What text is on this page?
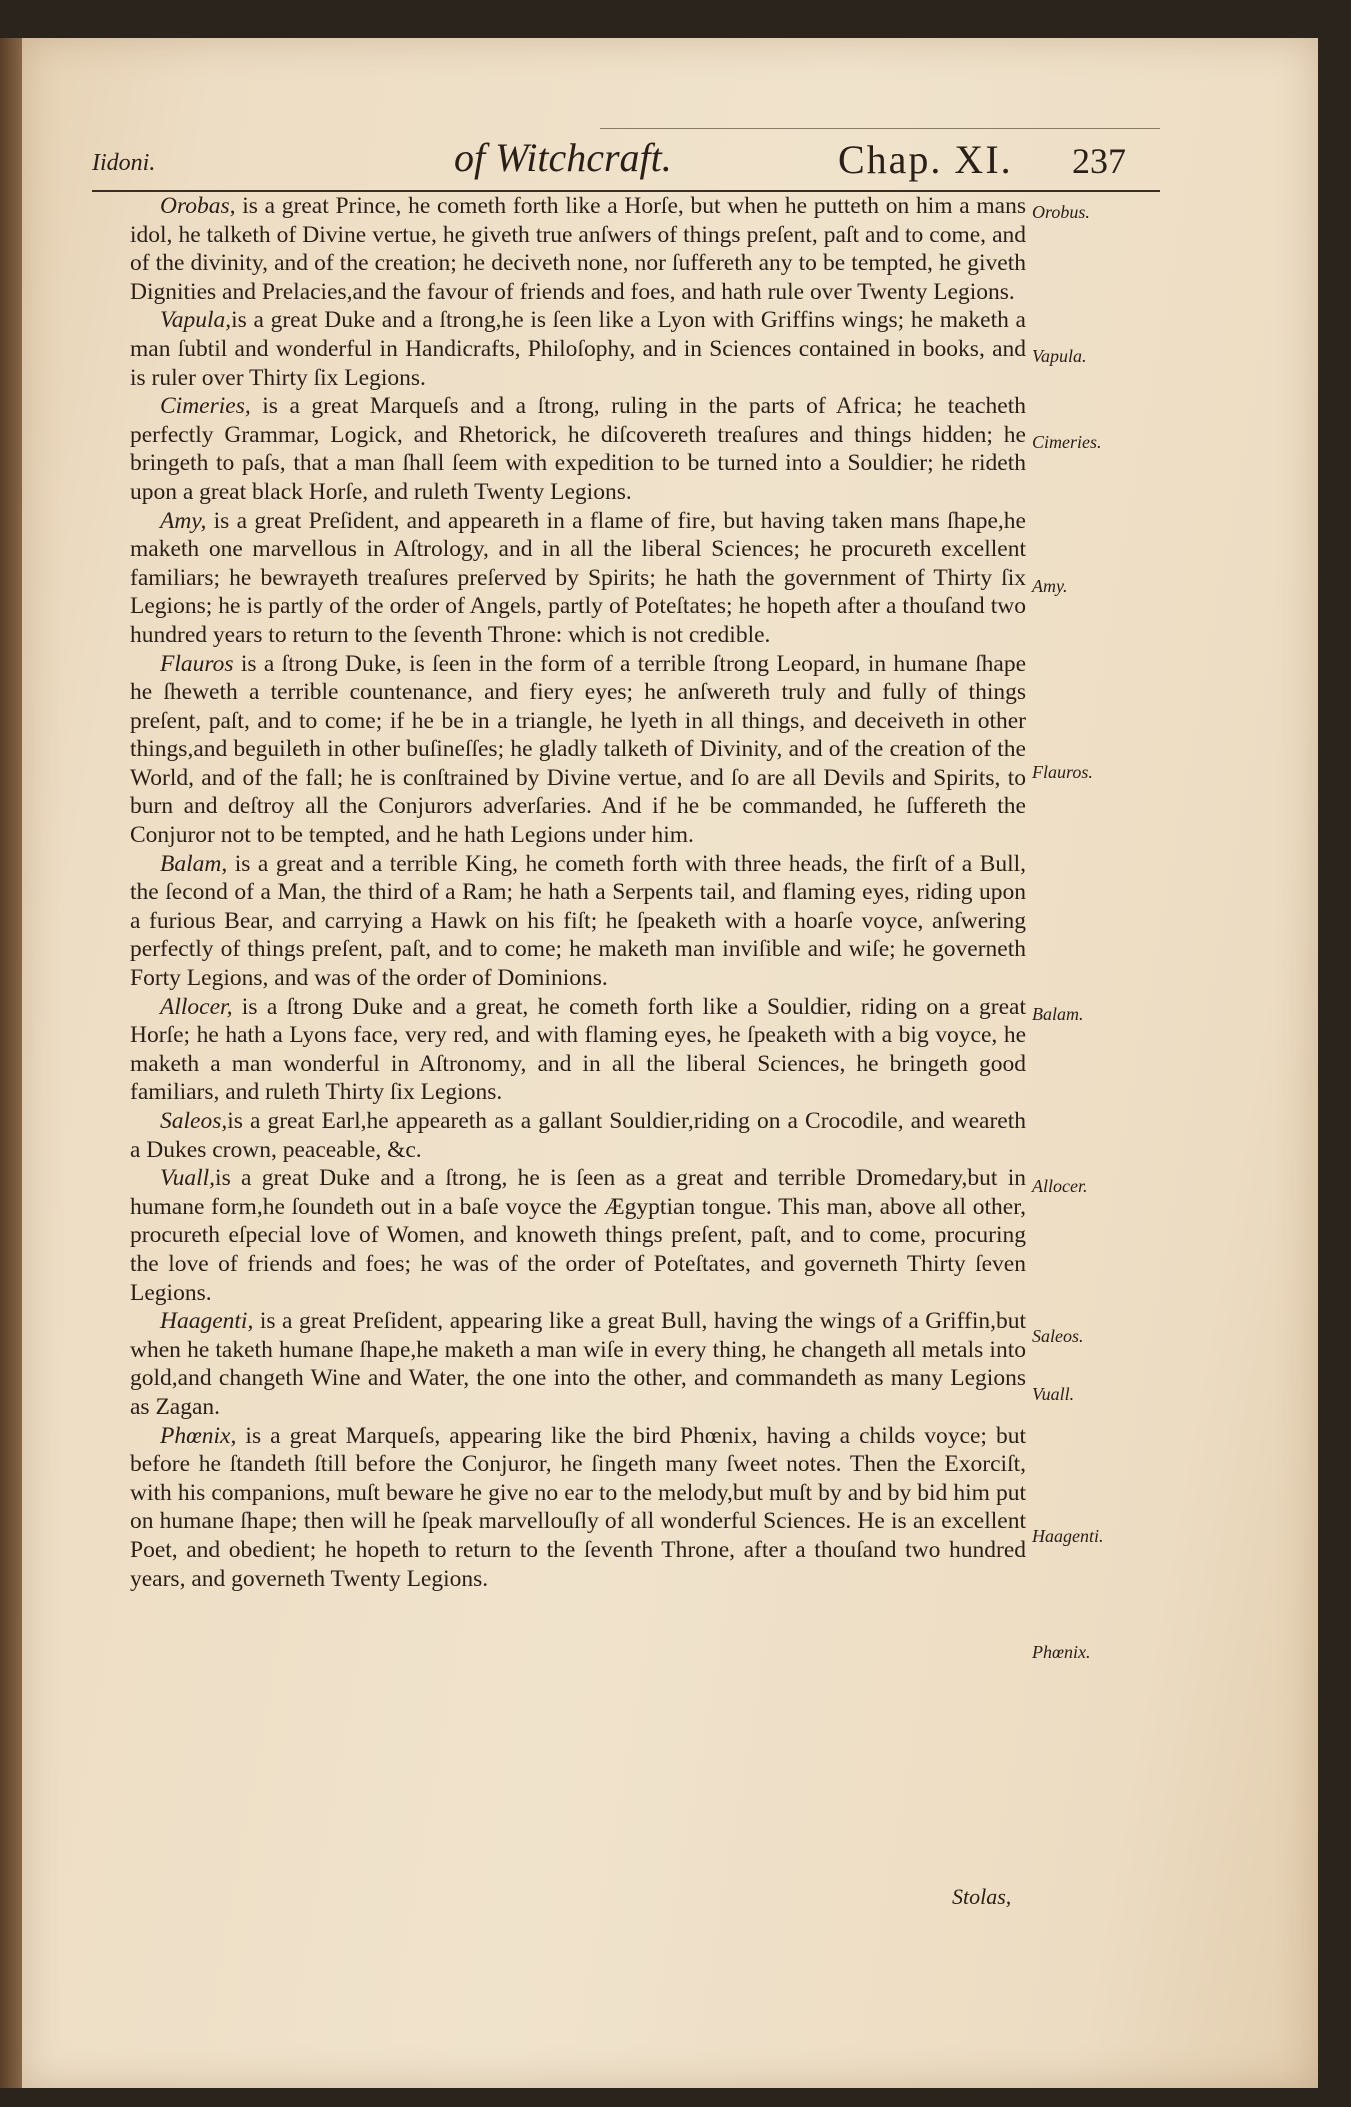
Iidoni.	of Witchcraft.	Chap. XI. 237

Orobas, is a great Prince, he cometh forth like a Horſe, but when he putteth on him a mans idol, he talketh of Divine vertue, he giveth true anſwers of things preſent, paſt and to come, and of the divinity, and of the creation; he deciveth none, nor ſuffereth any to be tempted, he giveth Dignities and Prelacies,and the favour of friends and foes, and hath rule over Twenty Legions.

Vapula,is a great Duke and a ſtrong,he is ſeen like a Lyon with Griffins wings; he maketh a man ſubtil and wonderful in Handicrafts, Philoſophy, and in Sciences contained in books, and is ruler over Thirty ſix Legions.

Cimeries, is a great Marqueſs and a ſtrong, ruling in the parts of Africa; he teacheth perfectly Grammar, Logick, and Rhetorick, he diſcovereth treaſures and things hidden; he bringeth to paſs, that a man ſhall ſeem with expedition to be turned into a Souldier; he rideth upon a great black Horſe, and ruleth Twenty Legions.

Amy, is a great Preſident, and appeareth in a flame of fire, but having taken mans ſhape,he maketh one marvellous in Aſtrology, and in all the liberal Sciences; he procureth excellent familiars; he bewrayeth treaſures preſerved by Spirits; he hath the government of Thirty ſix Legions; he is partly of the order of Angels, partly of Poteſtates; he hopeth after a thouſand two hundred years to return to the ſeventh Throne: which is not credible.

Flauros is a ſtrong Duke, is ſeen in the form of a terrible ſtrong Leopard, in humane ſhape he ſheweth a terrible countenance, and fiery eyes; he anſwereth truly and fully of things preſent, paſt, and to come; if he be in a triangle, he lyeth in all things, and deceiveth in other things,and beguileth in other buſineſſes; he gladly talketh of Divinity, and of the creation of the World, and of the fall; he is conſtrained by Divine vertue, and ſo are all Devils and Spirits, to burn and deſtroy all the Conjurors adverſaries. And if he be commanded, he ſuffereth the Conjuror not to be tempted, and he hath Legions under him.

Balam, is a great and a terrible King, he cometh forth with three heads, the firſt of a Bull, the ſecond of a Man, the third of a Ram; he hath a Serpents tail, and flaming eyes, riding upon a furious Bear, and carrying a Hawk on his fiſt; he ſpeaketh with a hoarſe voyce, anſwering perfectly of things preſent, paſt, and to come; he maketh man inviſible and wiſe; he governeth Forty Legions, and was of the order of Dominions.

Allocer, is a ſtrong Duke and a great, he cometh forth like a Souldier, riding on a great Horſe; he hath a Lyons face, very red, and with flaming eyes, he ſpeaketh with a big voyce, he maketh a man wonderful in Aſtronomy, and in all the liberal Sciences, he bringeth good familiars, and ruleth Thirty ſix Legions.

Saleos,is a great Earl,he appeareth as a gallant Souldier,riding on a Crocodile, and weareth a Dukes crown, peaceable, &c.

Vuall,is a great Duke and a ſtrong, he is ſeen as a great and terrible Dromedary,but in humane form,he ſoundeth out in a baſe voyce the Ægyptian tongue. This man, above all other, procureth eſpecial love of Women, and knoweth things preſent, paſt, and to come, procuring the love of friends and foes; he was of the order of Poteſtates, and governeth Thirty ſeven Legions.

Haagenti, is a great Preſident, appearing like a great Bull, having the wings of a Griffin,but when he taketh humane ſhape,he maketh a man wiſe in every thing, he changeth all metals into gold,and changeth Wine and Water, the one into the other, and commandeth as many Legions as Zagan.

Phœnix, is a great Marqueſs, appearing like the bird Phœnix, having a childs voyce; but before he ſtandeth ſtill before the Conjuror, he ſingeth many ſweet notes. Then the Exorciſt, with his companions, muſt beware he give no ear to the melody,but muſt by and by bid him put on humane ſhape; then will he ſpeak marvellouſly of all wonderful Sciences. He is an excellent Poet, and obedient; he hopeth to return to the ſeventh Throne, after a thouſand two hundred years, and governeth Twenty Legions.

Orobus.
Vapula.
Cimeries.
Amy.
Flauros.
Balam.
Allocer.
Saleos.
Vuall.
Haagenti.
Phœnix.
Stolas,
